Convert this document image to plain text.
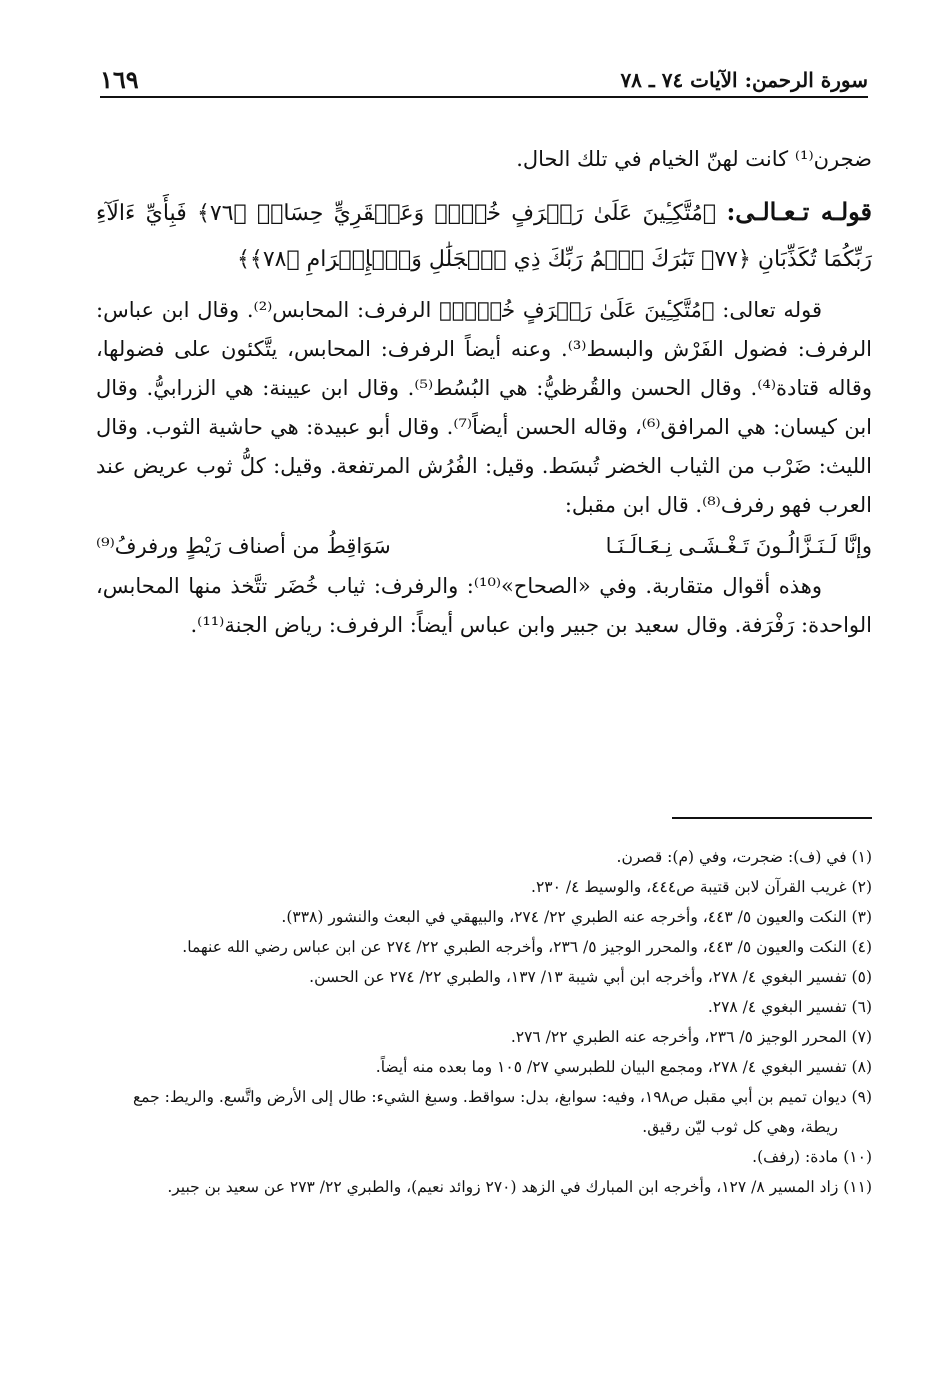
١٦٩	سورة الرحمن: الآيات ٧٤ ـ ٧٨

ضجرن⁽¹⁾ كانت لهنّ الخيام في تلك الحال.

قولـه تـعـالـى: ﴿مُتَّكِـِٔينَ عَلَىٰ رَفۡرَفٍ خُضۡرٖ وَعَبۡقَرِيٍّ حِسَانٖ ﴿٧٦﴾ فَبِأَيِّ ءَالَآءِ رَبِّكُمَا تُكَذِّبَانِ ﴿٧٧﴾ تَبَٰرَكَ ٱسۡمُ رَبِّكَ ذِي ٱلۡجَلَٰلِ وَٱلۡإِكۡرَامِ ﴿٧٨﴾﴾

قوله تعالى: ﴿مُتَّكِـِٔينَ عَلَىٰ رَفۡرَفٍ خُضۡرٖ﴾ الرفرف: المحابس⁽²⁾. وقال ابن عباس: الرفرف: فضول الفَرْش والبسط⁽³⁾. وعنه أيضاً الرفرف: المحابس، يتَّكئون على فضولها، وقاله قتادة⁽⁴⁾. وقال الحسن والقُرظيُّ: هي البُسُط⁽⁵⁾. وقال ابن عيينة: هي الزرابيُّ. وقال ابن كيسان: هي المرافق⁽⁶⁾، وقاله الحسن أيضاً⁽⁷⁾. وقال أبو عبيدة: هي حاشية الثوب. وقال الليث: ضَرْب من الثياب الخضر تُبسَط. وقيل: الفُرُش المرتفعة. وقيل: كلُّ ثوب عريض عند العرب فهو رفرف⁽⁸⁾. قال ابن مقبل:

وإنَّا لَـنَـزَّالُـونَ تَـغْـشَـى نِـعَـالَـنَـا
سَوَاقِطُ من أصناف رَيْطٍ ورفرفُ⁽⁹⁾

وهذه أقوال متقاربة. وفي «الصحاح»⁽¹⁰⁾: والرفرف: ثياب خُضَر تتَّخذ منها المحابس، الواحدة: رَفْرَفة. وقال سعيد بن جبير وابن عباس أيضاً: الرفرف: رياض الجنة⁽¹¹⁾.

(١) في (ف): ضجرت، وفي (م): قصرن.

(٢) غريب القرآن لابن قتيبة ص٤٤٤، والوسيط ٤/ ٢٣٠.

(٣) النكت والعيون ٥/ ٤٤٣، وأخرجه عنه الطبري ٢٢/ ٢٧٤، والبيهقي في البعث والنشور (٣٣٨).

(٤) النكت والعيون ٥/ ٤٤٣، والمحرر الوجيز ٥/ ٢٣٦، وأخرجه الطبري ٢٢/ ٢٧٤ عن ابن عباس رضي الله عنهما.

(٥) تفسير البغوي ٤/ ٢٧٨، وأخرجه ابن أبي شيبة ١٣/ ١٣٧، والطبري ٢٢/ ٢٧٤ عن الحسن.

(٦) تفسير البغوي ٤/ ٢٧٨.

(٧) المحرر الوجيز ٥/ ٢٣٦، وأخرجه عنه الطبري ٢٢/ ٢٧٦.

(٨) تفسير البغوي ٤/ ٢٧٨، ومجمع البيان للطبرسي ٢٧/ ١٠٥ وما بعده منه أيضاً.

(٩) ديوان تميم بن أبي مقبل ص١٩٨، وفيه: سوابغ، بدل: سواقط. وسبغ الشيء: طال إلى الأرض واتَّسع. والريط: جمع ريطة، وهي كل ثوب ليّن رقيق.

(١٠) مادة: (رفف).

(١١) زاد المسير ٨/ ١٢٧، وأخرجه ابن المبارك في الزهد (٢٧٠ زوائد نعيم)، والطبري ٢٢/ ٢٧٣ عن سعيد بن جبير.
